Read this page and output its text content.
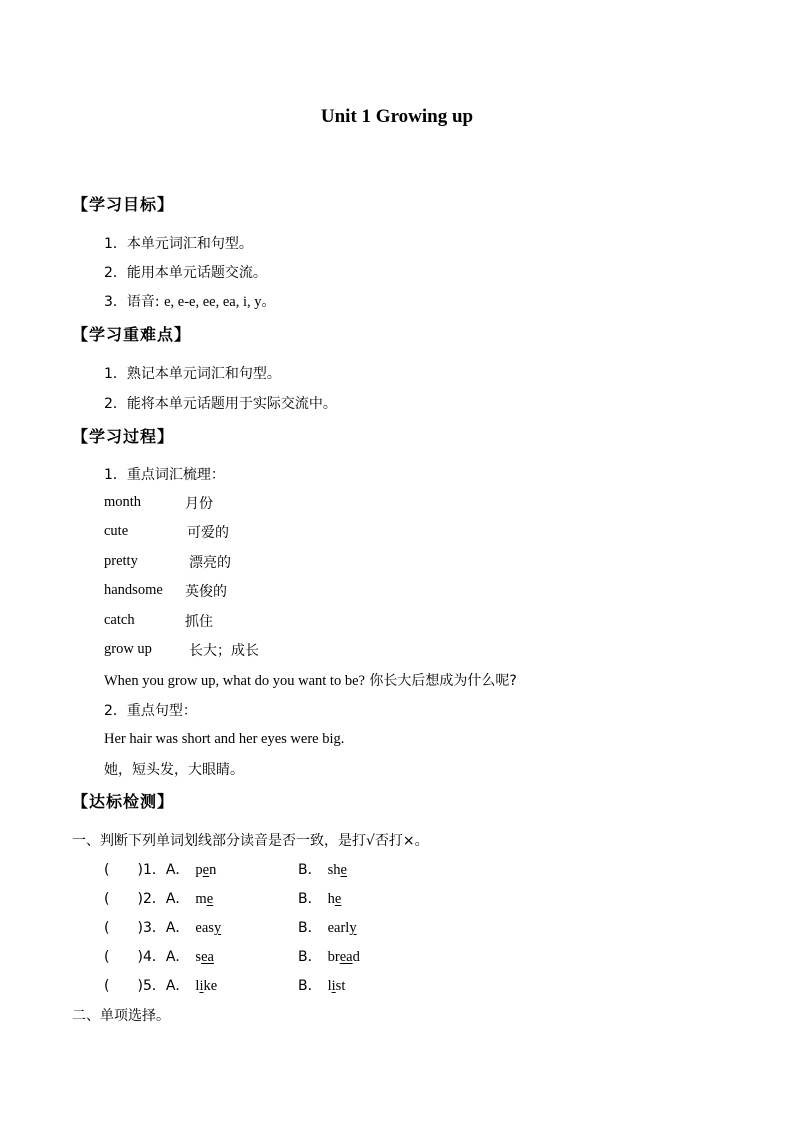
Unit 1 Growing up
【学习目标】
1．本单元词汇和句型。
2．能用本单元话题交流。
3．语音: e, e-e, ee, ea, i, y。
【学习重难点】
1．熟记本单元词汇和句型。
2．能将本单元话题用于实际交流中。
【学习过程】
1．重点词汇梳理：
month	月份
cute	可爱的
pretty	漂亮的
handsome 英俊的
catch	抓住
grow up	长大；成长
When you grow up, what do you want to be? 你长大后想成为什么呢?
2．重点句型：
Her hair was short and her eyes were big.
她，短头发，大眼睛。
【达标检测】
一、判断下列单词划线部分读音是否一致，是打√否打×。
(　　)1．A． pen	B． she
(　　)2．A． me	B． he
(　　)3．A． easy	B． early
(　　)4．A． sea	B． bread
(　　)5．A． like	B． list
二、单项选择。
